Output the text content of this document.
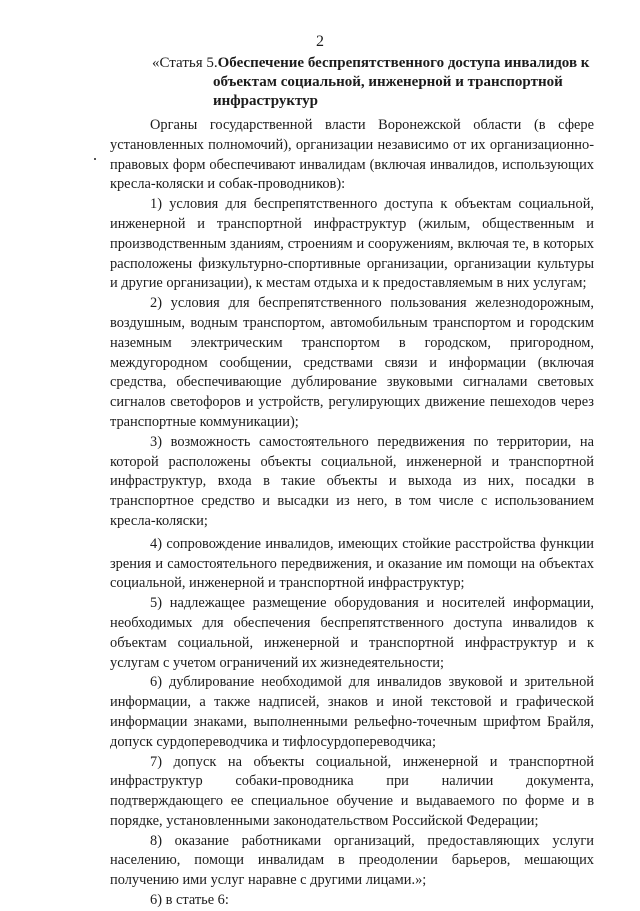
2
«Статья 5.Обеспечение беспрепятственного доступа инвалидов к
объектам социальной, инженерной и транспортной
инфраструктур

Органы государственной власти Воронежской области (в сфере установленных полномочий), организации независимо от их организационно-правовых форм обеспечивают инвалидам (включая инвалидов, использующих кресла-коляски и собак-проводников):

1) условия для беспрепятственного доступа к объектам социальной, инженерной и транспортной инфраструктур (жилым, общественным и производственным зданиям, строениям и сооружениям, включая те, в которых расположены физкультурно-спортивные организации, организации культуры и другие организации), к местам отдыха и к предоставляемым в них услугам;

2) условия для беспрепятственного пользования железнодорожным, воздушным, водным транспортом, автомобильным транспортом и городским наземным электрическим транспортом в городском, пригородном, междугородном сообщении, средствами связи и информации (включая средства, обеспечивающие дублирование звуковыми сигналами световых сигналов светофоров и устройств, регулирующих движение пешеходов через транспортные коммуникации);

3) возможность самостоятельного передвижения по территории, на которой расположены объекты социальной, инженерной и транспортной инфраструктур, входа в такие объекты и выхода из них, посадки в транспортное средство и высадки из него, в том числе с использованием кресла-коляски;

4) сопровождение инвалидов, имеющих стойкие расстройства функции зрения и самостоятельного передвижения, и оказание им помощи на объектах социальной, инженерной и транспортной инфраструктур;

5) надлежащее размещение оборудования и носителей информации, необходимых для обеспечения беспрепятственного доступа инвалидов к объектам социальной, инженерной и транспортной инфраструктур и к услугам с учетом ограничений их жизнедеятельности;

6) дублирование необходимой для инвалидов звуковой и зрительной информации, а также надписей, знаков и иной текстовой и графической информации знаками, выполненными рельефно-точечным шрифтом Брайля, допуск сурдопереводчика и тифлосурдопереводчика;

7) допуск на объекты социальной, инженерной и транспортной инфраструктур собаки-проводника при наличии документа, подтверждающего ее специальное обучение и выдаваемого по форме и в порядке, установленными законодательством Российской Федерации;

8) оказание работниками организаций, предоставляющих услуги населению, помощи инвалидам в преодолении барьеров, мешающих получению ими услуг наравне с другими лицами.»;

6) в статье 6:
